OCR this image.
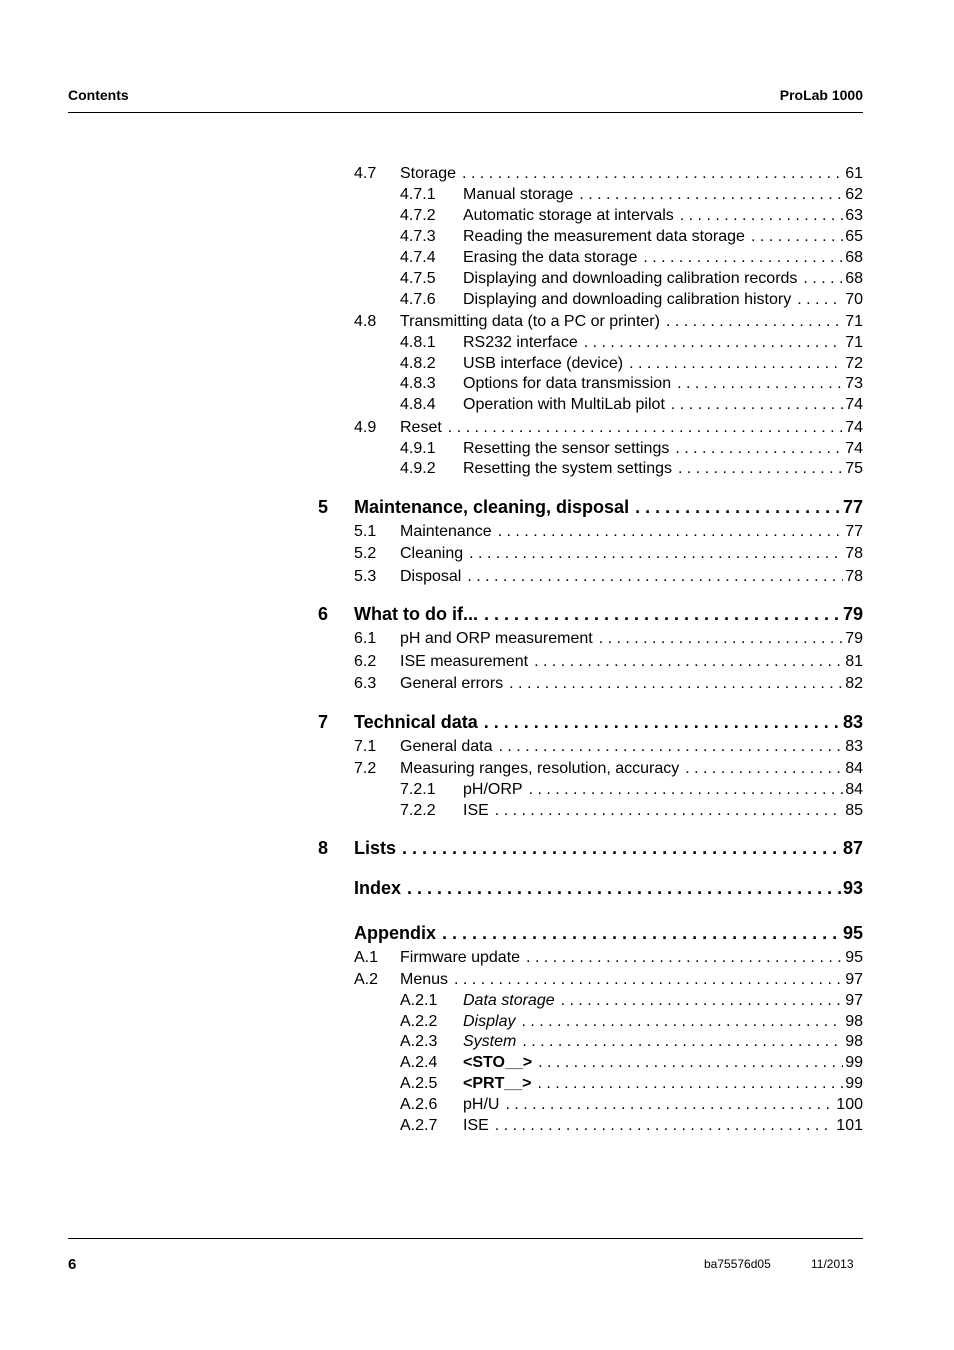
Contents	ProLab 1000
4.7 Storage . . .	61
4.7.1 Manual storage . . .	62
4.7.2 Automatic storage at intervals . . .	63
4.7.3 Reading the measurement data storage . . .	65
4.7.4 Erasing the data storage . . .	68
4.7.5 Displaying and downloading calibration records . . .	68
4.7.6 Displaying and downloading calibration history . . .	70
4.8 Transmitting data (to a PC or printer) . . .	71
4.8.1 RS232 interface . . .	71
4.8.2 USB interface (device) . . .	72
4.8.3 Options for data transmission . . .	73
4.8.4 Operation with MultiLab pilot . . .	74
4.9 Reset . . .	74
4.9.1 Resetting the sensor settings . . .	74
4.9.2 Resetting the system settings . . .	75
5 Maintenance, cleaning, disposal . . .	77
5.1 Maintenance . . .	77
5.2 Cleaning . . .	78
5.3 Disposal . . .	78
6 What to do if... . . .	79
6.1 pH and ORP measurement . . .	79
6.2 ISE measurement . . .	81
6.3 General errors . . .	82
7 Technical data . . .	83
7.1 General data . . .	83
7.2 Measuring ranges, resolution, accuracy . . .	84
7.2.1 pH/ORP . . .	84
7.2.2 ISE . . .	85
8 Lists . . .	87
Index . . .	93
Appendix . . .	95
A.1 Firmware update . . .	95
A.2 Menus . . .	97
A.2.1 Data storage . . .	97
A.2.2 Display . . .	98
A.2.3 System . . .	98
A.2.4 <STO__> . . .	99
A.2.5 <PRT__> . . .	99
A.2.6 pH/U . . .	100
A.2.7 ISE . . .	101
6	ba75576d05	11/2013
